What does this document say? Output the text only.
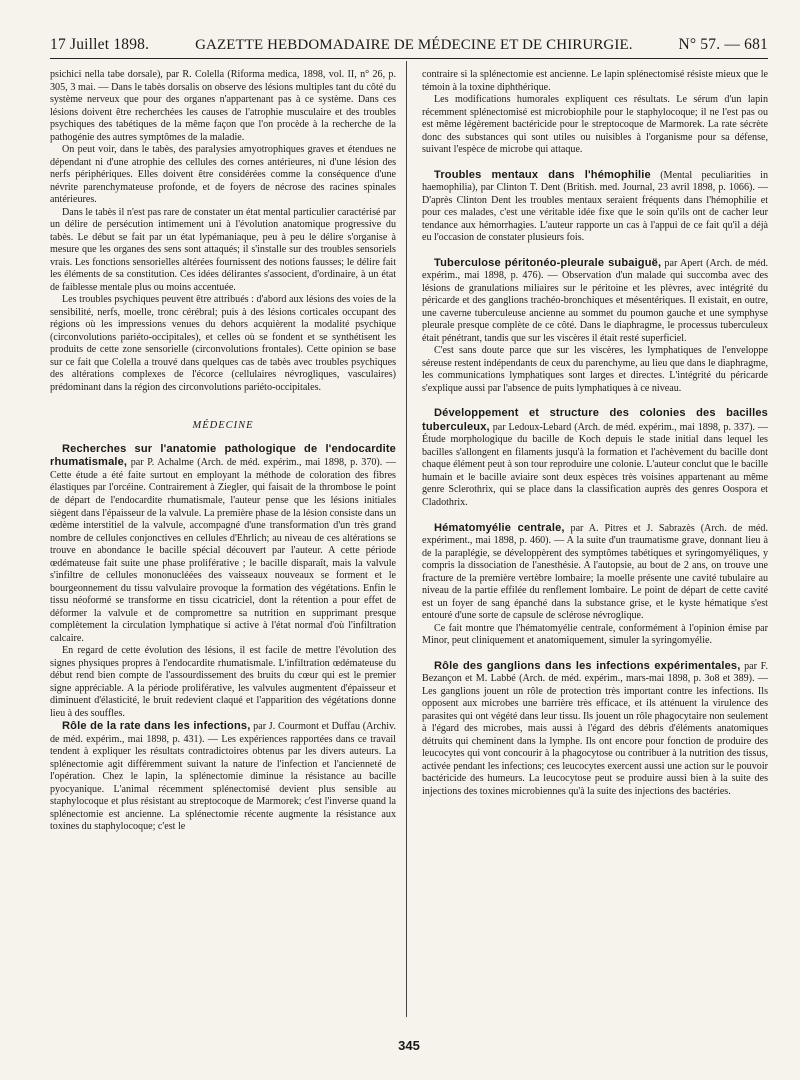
17 Juillet 1898.	GAZETTE HEBDOMADAIRE DE MÉDECINE ET DE CHIRURGIE.	N° 57. — 681

psichici nella tabe dorsale), par R. Colella (Riforma medica, 1898, vol. II, n° 26, p. 305, 3 mai. — Dans le tabès dorsalis on observe des lésions multiples tant du côté du système nerveux que pour des organes n'appartenant pas à ce système. Dans ces lésions doivent être recherchées les causes de l'atrophie musculaire et des troubles psychiques des tabétiques de la même façon que l'on procède à la recherche de la pathogénie des autres symptômes de la maladie.

On peut voir, dans le tabès, des paralysies amyotrophiques graves et étendues ne dépendant ni d'une atrophie des cellules des cornes antérieures, ni d'une lésion des nerfs périphériques. Elles doivent être considérées comme la conséquence d'une névrite parenchymateuse profonde, et de foyers de nécrose des racines spinales antérieures.

Dans le tabès il n'est pas rare de constater un état mental particulier caractérisé par un délire de persécution intimement uni à l'évolution anatomique progressive du tabès. Le début se fait par un état lypémaniaque, peu à peu le délire s'organise à mesure que les organes des sens sont attaqués; il s'installe sur des troubles sensoriels vrais. Les fonctions sensorielles altérées fournissent des notions fausses; le délire fait les éléments de sa constitution. Ces idées délirantes s'associent, d'ordinaire, à un état de faiblesse mentale plus ou moins accentuée.

Les troubles psychiques peuvent être attribués : d'abord aux lésions des voies de la sensibilité, nerfs, moelle, tronc cérébral; puis à des lésions corticales occupant des régions où les impressions venues du dehors acquièrent la modalité psychique (circonvolutions pariéto-occipitales), et celles où se fondent et se synthétisent les produits de cette zone sensorielle (circonvolutions frontales). Cette opinion se base sur ce fait que Colella a trouvé dans quelques cas de tabès avec troubles psychiques des altérations complexes de l'écorce (cellulaires névrogliques, vasculaires) prédominant dans la région des circonvolutions pariéto-occipitales.

MÉDECINE

Recherches sur l'anatomie pathologique de l'endocardite rhumatismale, par P. Achalme (Arch. de méd. expérim., mai 1898, p. 370). — Cette étude a été faite surtout en employant la méthode de coloration des fibres élastiques par l'orcéine. Contrairement à Ziegler, qui faisait de la thrombose le point de départ de l'endocardite rhumatismale, l'auteur pense que les lésions initiales siègent dans l'épaisseur de la valvule. La première phase de la lésion consiste dans un œdème interstitiel de la valvule, accompagné d'une transformation d'un très grand nombre de cellules conjonctives en cellules d'Ehrlich; au niveau de ces altérations se trouve en abondance le bacille spécial découvert par l'auteur. A cette période œdémateuse fait suite une phase proliférative ; le bacille disparaît, mais la valvule s'infiltre de cellules mononucléées des vaisseaux nouveaux se forment et le bourgeonnement du tissu valvulaire provoque la formation des végétations. Enfin le tissu néoformé se transforme en tissu cicatriciel, dont la rétention a pour effet de déformer la valvule et de compromettre sa nutrition en supprimant presque complètement la circulation lymphatique si active à l'état normal d'où l'infiltration calcaire.

En regard de cette évolution des lésions, il est facile de mettre l'évolution des signes physiques propres à l'endocardite rhumatismale. L'infiltration œdémateuse du début rend bien compte de l'assourdissement des bruits du cœur qui est le premier signe appréciable. A la période proliférative, les valvules augmentent d'épaisseur et diminuent d'élasticité, le bruit redevient claqué et l'apparition des végétations donne lieu à des souffles.

Rôle de la rate dans les infections, par J. Courmont et Duffau (Archiv. de méd. expérim., mai 1898, p. 431). — Les expériences rapportées dans ce travail tendent à expliquer les résultats contradictoires obtenus par les divers auteurs. La splénectomie agit différemment suivant la nature de l'infection et l'ancienneté de l'opération. Chez le lapin, la splénectomie diminue la résistance au bacille pyocyanique. L'animal récemment splénectomisé devient plus sensible au staphylocoque et plus résistant au streptocoque de Marmorek; c'est l'inverse quand la splénectomie est ancienne. La splénectomie récente augmente la résistance aux toxines du staphylocoque; c'est le

contraire si la splénectomie est ancienne. Le lapin splénectomisé résiste mieux que le témoin à la toxine diphthérique.

Les modifications humorales expliquent ces résultats. Le sérum d'un lapin récemment splénectomisé est microbiophile pour le staphylocoque; il ne l'est pas ou est même légèrement bactéricide pour le streptocoque de Marmorek. La rate sécrète donc des substances qui sont utiles ou nuisibles à l'organisme pour sa défense, suivant l'espèce de microbe qui attaque.

Troubles mentaux dans l'hémophilie (Mental peculiarities in haemophilia), par Clinton T. Dent (British. med. Journal, 23 avril 1898, p. 1066). — D'après Clinton Dent les troubles mentaux seraient fréquents dans l'hémophilie et pour ces malades, c'est une véritable idée fixe que le soin qu'ils ont de cacher leur tendance aux hémorrhagies. L'auteur rapporte un cas à l'appui de ce fait qu'il a déjà eu l'occasion de constater plusieurs fois.

Tuberculose péritonéo-pleurale subaiguë, par Apert (Arch. de méd. expérim., mai 1898, p. 476). — Observation d'un malade qui succomba avec des lésions de granulations miliaires sur le péritoine et les plèvres, avec intégrité du péricarde et des ganglions trachéo-bronchiques et mésentériques. Il existait, en outre, une caverne tuberculeuse ancienne au sommet du poumon gauche et une symphyse pleurale presque complète de ce côté. Dans le diaphragme, le processus tuberculeux était pénétrant, tandis que sur les viscères il était resté superficiel.

C'est sans doute parce que sur les viscères, les lymphatiques de l'enveloppe séreuse restent indépendants de ceux du parenchyme, au lieu que dans le diaphragme, les communications lymphatiques sont larges et directes. L'intégrité du péricarde s'explique aussi par l'absence de puits lymphatiques à ce niveau.

Développement et structure des colonies des bacilles tuberculeux, par Ledoux-Lebard (Arch. de méd. expérim., mai 1898, p. 337). — Étude morphologique du bacille de Koch depuis le stade initial dans lequel les bacilles s'allongent en filaments jusqu'à la formation et l'achèvement du bacille dont chaque élément peut à son tour reproduire une colonie. L'auteur conclut que le bacille humain et le bacille aviaire sont deux espèces très voisines appartenant au même genre Sclerothrix, qui se place dans la classification auprès des genres Oospora et Cladothrix.

Hématomyélie centrale, par A. Pitres et J. Sabrazès (Arch. de méd. expériment., mai 1898, p. 460). — A la suite d'un traumatisme grave, donnant lieu à de la paraplégie, se développèrent des symptômes tabétiques et syringomyéliques, y compris la dissociation de l'anesthésie. A l'autopsie, au bout de 2 ans, on trouve une fracture de la première vertèbre lombaire; la moelle présente une cavité tubulaire au niveau de la partie effilée du renflement lombaire. Le point de départ de cette cavité est un foyer de sang épanché dans la substance grise, et le kyste hématique s'est entouré d'une sorte de capsule de sclérose névroglique.

Ce fait montre que l'hématomyélie centrale, conformément à l'opinion émise par Minor, peut cliniquement et anatomiquement, simuler la syringomyélie.

Rôle des ganglions dans les infections expérimentales, par F. Bezançon et M. Labbé (Arch. de méd. expérim., mars-mai 1898, p. 3o8 et 389). — Les ganglions jouent un rôle de protection très important contre les infections. Ils opposent aux microbes une barrière très efficace, et ils atténuent la virulence des parasites qui ont végété dans leur tissu. Ils jouent un rôle phagocytaire non seulement à l'égard des microbes, mais aussi à l'égard des débris d'éléments anatomiques détruits qui cheminent dans la lymphe. Ils ont encore pour fonction de produire des leucocytes qui vont concourir à la phagocytose ou contribuer à la nutrition des tissus, activée pendant les infections; ces leucocytes exercent aussi une action sur le pouvoir bactéricide des humeurs. La leucocytose peut se produire aussi bien à la suite des injections des toxines microbiennes qu'à la suite des injections des bactéries.

345
